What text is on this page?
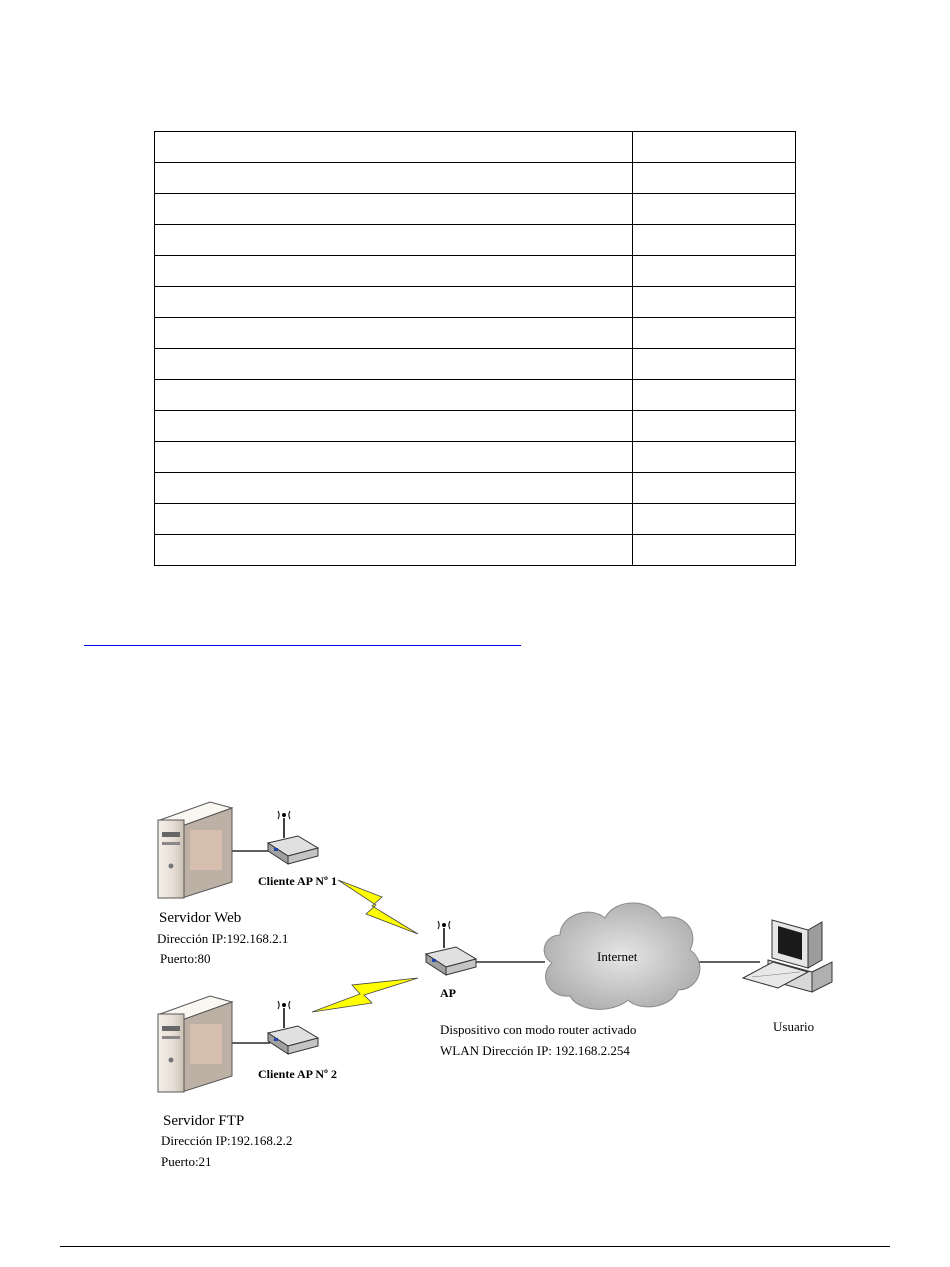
Cliente AP Nº 1
Cliente AP Nº 2
Servidor Web
Dirección IP:192.168.2.1
Puerto:80
Servidor FTP
Dirección IP:192.168.2.2
Puerto:21
AP
Dispositivo con modo router activado
WLAN Dirección IP: 192.168.2.254
Internet
Usuario
